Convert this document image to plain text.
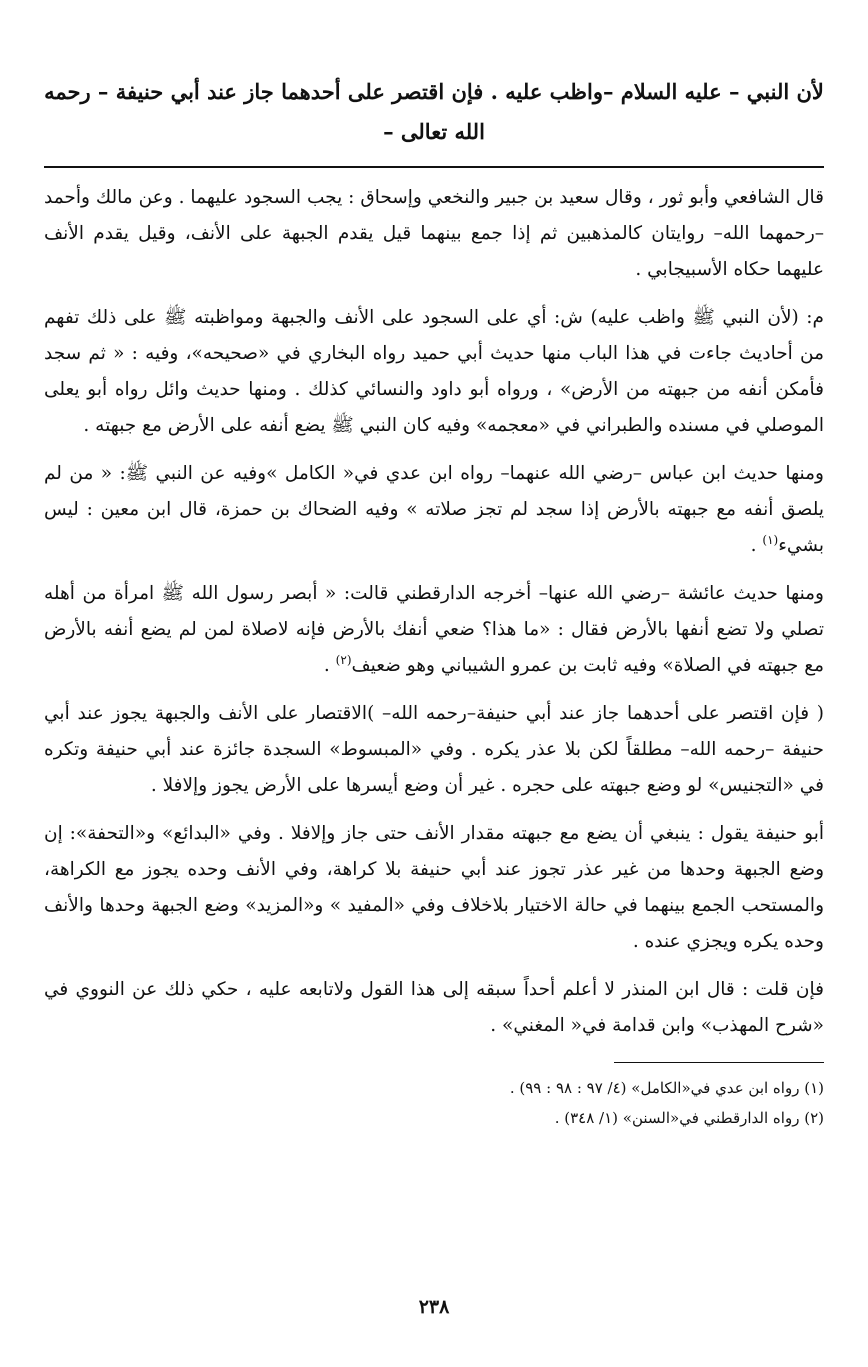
لأن النبي – عليه السلام –واظب عليه . فإن اقتصر على أحدهما جاز عند أبي حنيفة – رحمه الله تعالى –

قال الشافعي وأبو ثور ، وقال سعيد بن جبير والنخعي وإسحاق : يجب السجود عليهما . وعن مالك وأحمد –رحمهما الله– روايتان كالمذهبين ثم إذا جمع بينهما قيل يقدم الجبهة على الأنف، وقيل يقدم الأنف عليهما حكاه الأسبيجابي .

م: (لأن النبي ﷺ واظب عليه) ش: أي على السجود على الأنف والجبهة ومواظبته ﷺ على ذلك تفهم من أحاديث جاءت في هذا الباب منها حديث أبي حميد رواه البخاري في «صحيحه»، وفيه : « ثم سجد فأمكن أنفه من جبهته من الأرض» ، ورواه أبو داود والنسائي كذلك . ومنها حديث وائل رواه أبو يعلى الموصلي في مسنده والطبراني في «معجمه» وفيه كان النبي ﷺ يضع أنفه على الأرض مع جبهته .

ومنها حديث ابن عباس –رضي الله عنهما– رواه ابن عدي في« الكامل »وفيه عن النبي ﷺ: « من لم يلصق أنفه مع جبهته بالأرض إذا سجد لم تجز صلاته » وفيه الضحاك بن حمزة، قال ابن معين : ليس بشيء$^{(١)}$ .

ومنها حديث عائشة –رضي الله عنها– أخرجه الدارقطني قالت: « أبصر رسول الله ﷺ امرأة من أهله تصلي ولا تضع أنفها بالأرض فقال : «ما هذا؟ ضعي أنفك بالأرض فإنه لاصلاة لمن لم يضع أنفه بالأرض مع جبهته في الصلاة» وفيه ثابت بن عمرو الشيباني وهو ضعيف$^{(٢)}$ .

( فإن اقتصر على أحدهما جاز عند أبي حنيفة–رحمه الله– )الاقتصار على الأنف والجبهة يجوز عند أبي حنيفة –رحمه الله– مطلقاً لكن بلا عذر يكره . وفي «المبسوط» السجدة جائزة عند أبي حنيفة وتكره في «التجنيس» لو وضع جبهته على حجره . غير أن وضع أيسرها على الأرض يجوز وإلافلا .

أبو حنيفة يقول : ينبغي أن يضع مع جبهته مقدار الأنف حتى جاز وإلافلا . وفي «البدائع» و«التحفة»: إن وضع الجبهة وحدها من غير عذر تجوز عند أبي حنيفة بلا كراهة، وفي الأنف وحده يجوز مع الكراهة، والمستحب الجمع بينهما في حالة الاختيار بلاخلاف وفي «المفيد » و«المزيد» وضع الجبهة وحدها والأنف وحده يكره ويجزي عنده .

فإن قلت : قال ابن المنذر لا أعلم أحداً سبقه إلى هذا القول ولاتابعه عليه ، حكي ذلك عن النووي في «شرح المهذب» وابن قدامة في« المغني» .

(١) رواه ابن عدي في«الكامل» (٤/ ٩٧ : ٩٨ : ٩٩) .

(٢) رواه الدارقطني في«السنن» (١/ ٣٤٨) .

٢٣٨
